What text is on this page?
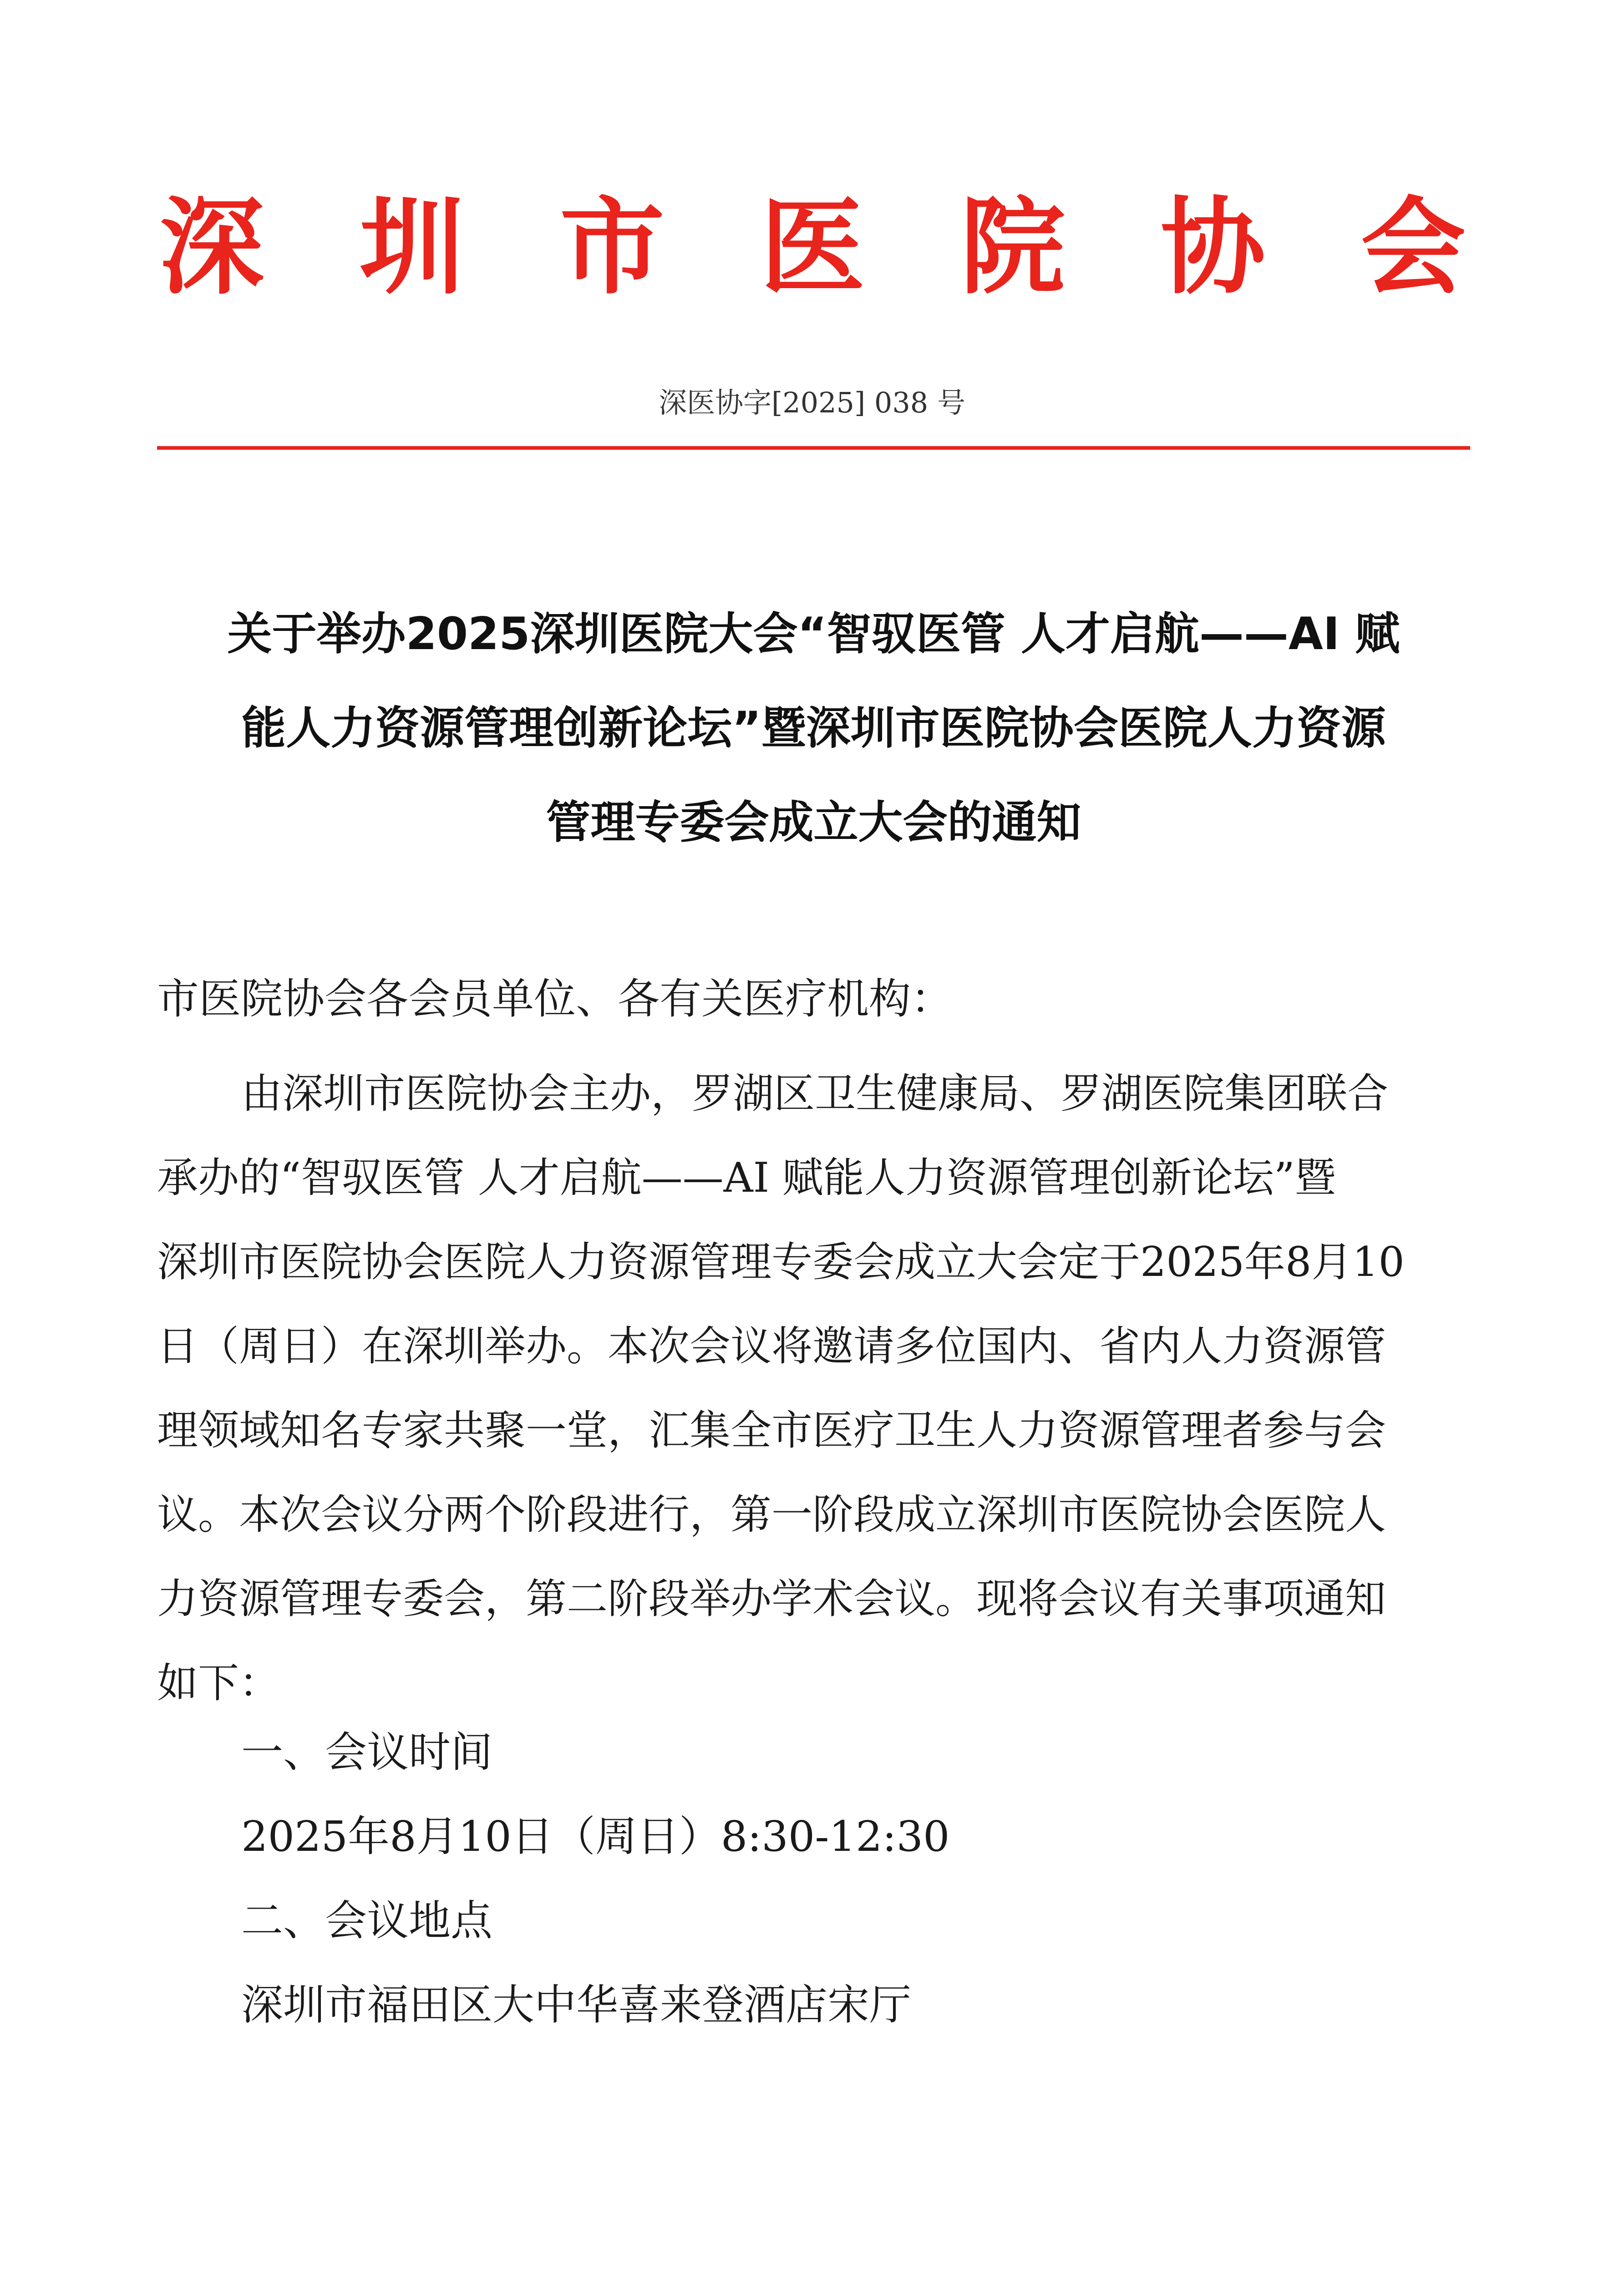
深 圳 市 医 院 协 会
深医协字[2025] 038 号
关于举办2025深圳医院大会“智驭医管 人才启航——AI 赋
能人力资源管理创新论坛”暨深圳市医院协会医院人力资源
管理专委会成立大会的通知
市医院协会各会员单位、各有关医疗机构：
由深圳市医院协会主办，罗湖区卫生健康局、罗湖医院集团联合
承办的“智驭医管 人才启航——AI 赋能人力资源管理创新论坛”暨
深圳市医院协会医院人力资源管理专委会成立大会定于2025年8月10
日（周日）在深圳举办。本次会议将邀请多位国内、省内人力资源管
理领域知名专家共聚一堂，汇集全市医疗卫生人力资源管理者参与会
议。本次会议分两个阶段进行，第一阶段成立深圳市医院协会医院人
力资源管理专委会，第二阶段举办学术会议。现将会议有关事项通知
如下：
一、会议时间
2025年8月10日（周日）8:30-12:30
二、会议地点
深圳市福田区大中华喜来登酒店宋厅
